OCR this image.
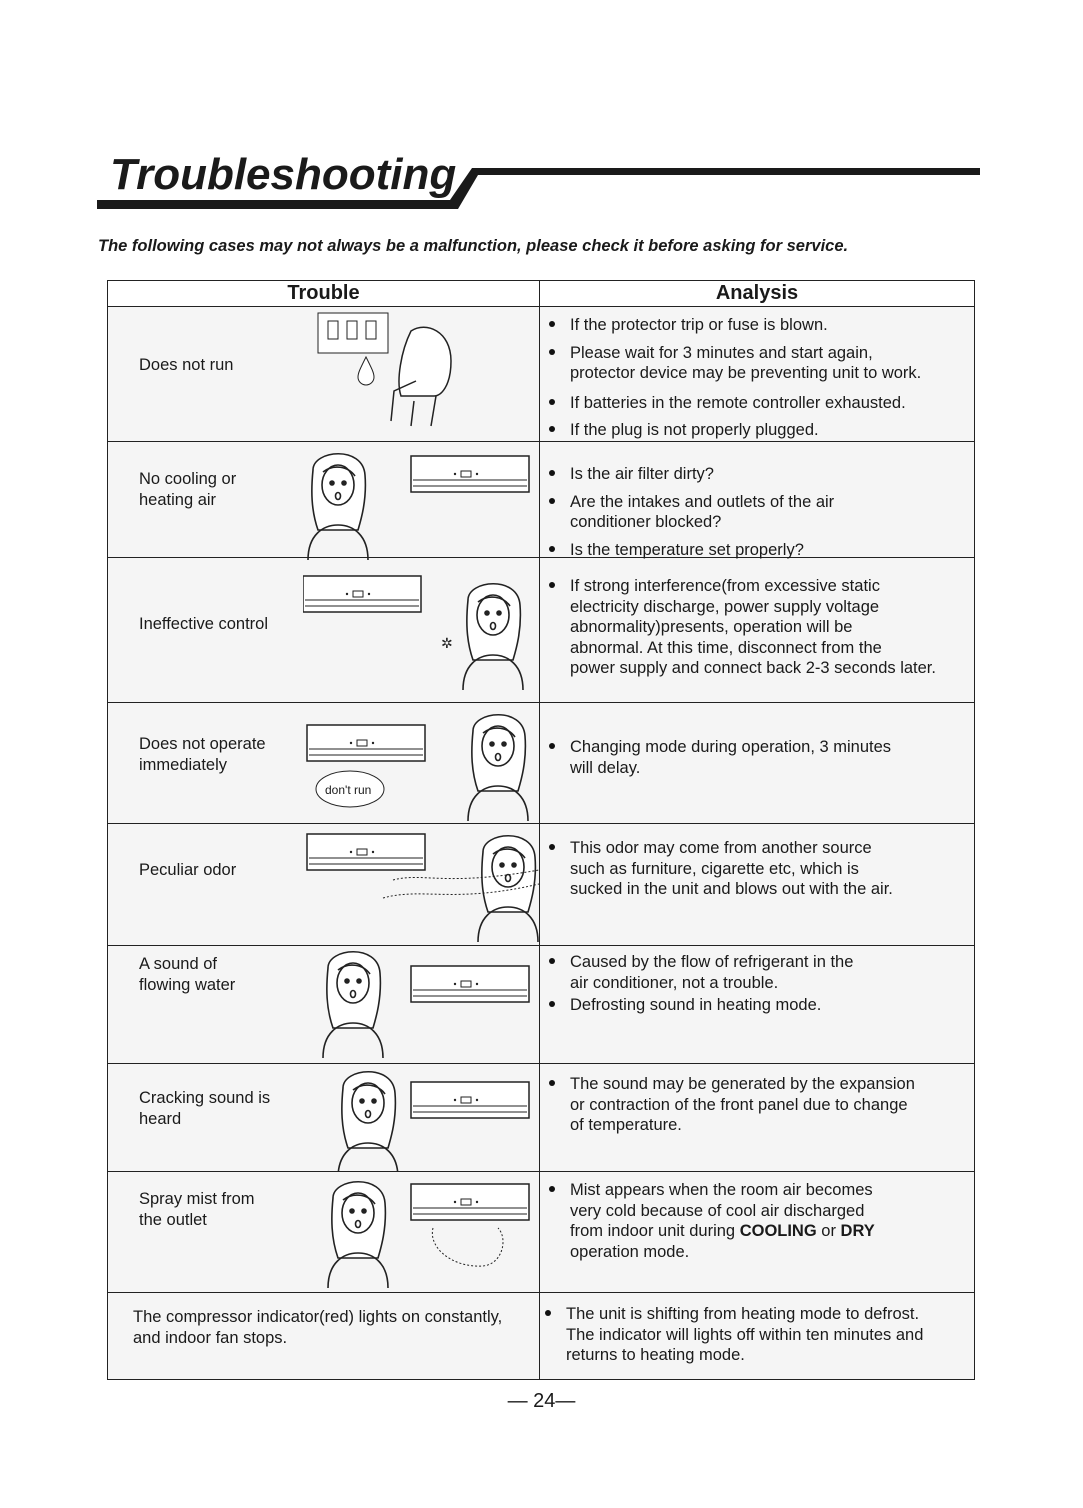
Troubleshooting
The following cases may not always be a malfunction, please check it before asking for service.
Trouble	Analysis
Does not run
If the protector trip or fuse is blown.
Please wait for 3 minutes and start again,
protector device may be preventing unit to work.
If batteries in the remote controller exhausted.
If the plug is not properly plugged.
No cooling or
heating air
Is the air filter dirty?
Are the intakes and outlets of the air
conditioner blocked?
Is the temperature set properly?
Ineffective control
✲
If strong interference(from excessive static
electricity discharge, power supply voltage
abnormality)presents, operation will be
abnormal. At this time, disconnect from the
power supply and connect back 2-3 seconds later.
Does not operate
immediately
don't run
Changing mode during operation, 3 minutes
will delay.
Peculiar odor
This odor may come from another source
such as furniture, cigarette etc, which is
sucked in the unit and blows out with the air.
A sound of
flowing water
Caused by the flow of refrigerant in the
air conditioner, not a trouble.
Defrosting sound in heating mode.
Cracking sound is
heard
The sound may be generated by the expansion
or contraction of the front panel due to change
of temperature.
Spray mist from
the outlet
Mist appears when the room air becomes
very cold because of cool air discharged
from indoor unit during COOLING or DRY
operation mode.
The compressor indicator(red) lights on constantly,
and indoor fan stops.
The unit is shifting from heating mode to defrost.
The indicator will lights off within ten minutes and
returns to heating mode.
— 24—
